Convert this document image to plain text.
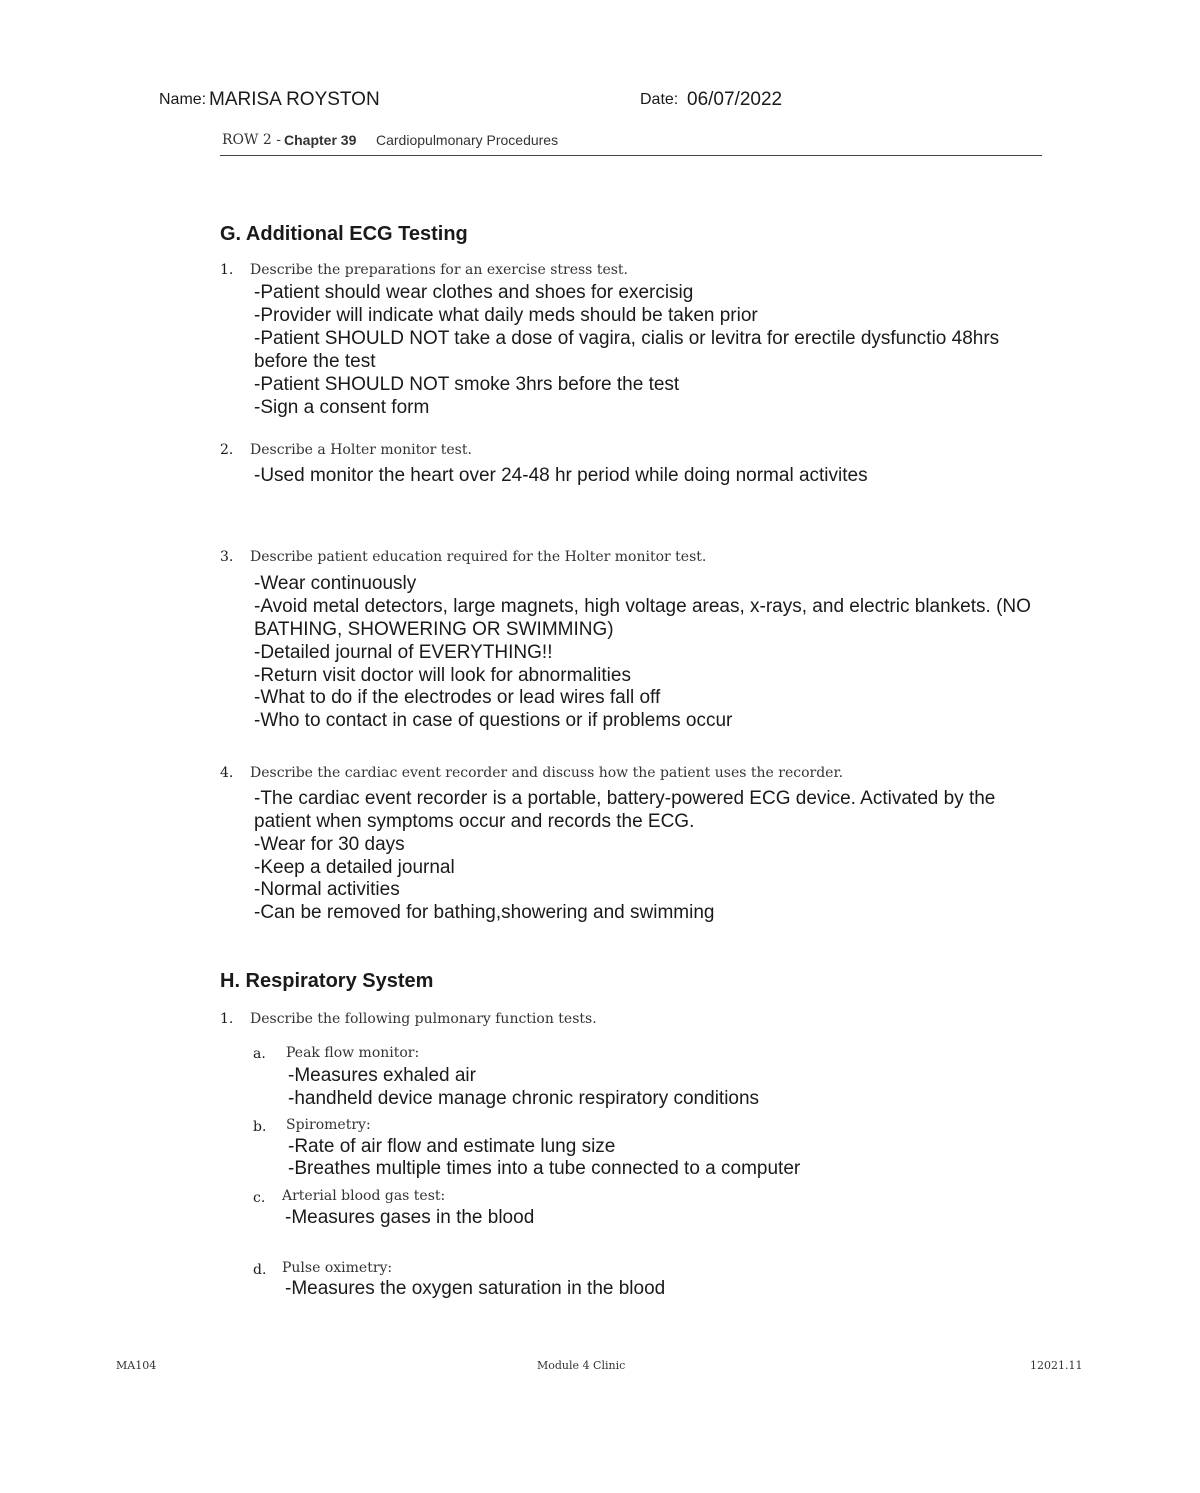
Name: MARISA ROYSTON	Date: 06/07/2022
ROW 2 - Chapter 39 Cardiopulmonary Procedures
G. Additional ECG Testing
1. Describe the preparations for an exercise stress test.
-Patient should wear clothes and shoes for exercisig
-Provider will indicate what daily meds should be taken prior
-Patient SHOULD NOT take a dose of vagira, cialis or levitra for erectile dysfunctio 48hrs
before the test
-Patient SHOULD NOT smoke 3hrs before the test
-Sign a consent form
2. Describe a Holter monitor test.
-Used monitor the heart over 24-48 hr period while doing normal activites
3. Describe patient education required for the Holter monitor test.
-Wear continuously
-Avoid metal detectors, large magnets, high voltage areas, x-rays, and electric blankets. (NO
BATHING, SHOWERING OR SWIMMING)
-Detailed journal of EVERYTHING!!
-Return visit doctor will look for abnormalities
-What to do if the electrodes or lead wires fall off
-Who to contact in case of questions or if problems occur
4. Describe the cardiac event recorder and discuss how the patient uses the recorder.
-The cardiac event recorder is a portable, battery-powered ECG device. Activated by the
patient when symptoms occur and records the ECG.
-Wear for 30 days
-Keep a detailed journal
-Normal activities
-Can be removed for bathing,showering and swimming
H. Respiratory System
1. Describe the following pulmonary function tests.
a. Peak flow monitor:
-Measures exhaled air
-handheld device manage chronic respiratory conditions
b. Spirometry:
-Rate of air flow and estimate lung size
-Breathes multiple times into a tube connected to a computer
c. Arterial blood gas test:
-Measures gases in the blood
d. Pulse oximetry:
-Measures the oxygen saturation in the blood
MA104	Module 4 Clinic	12021.11
